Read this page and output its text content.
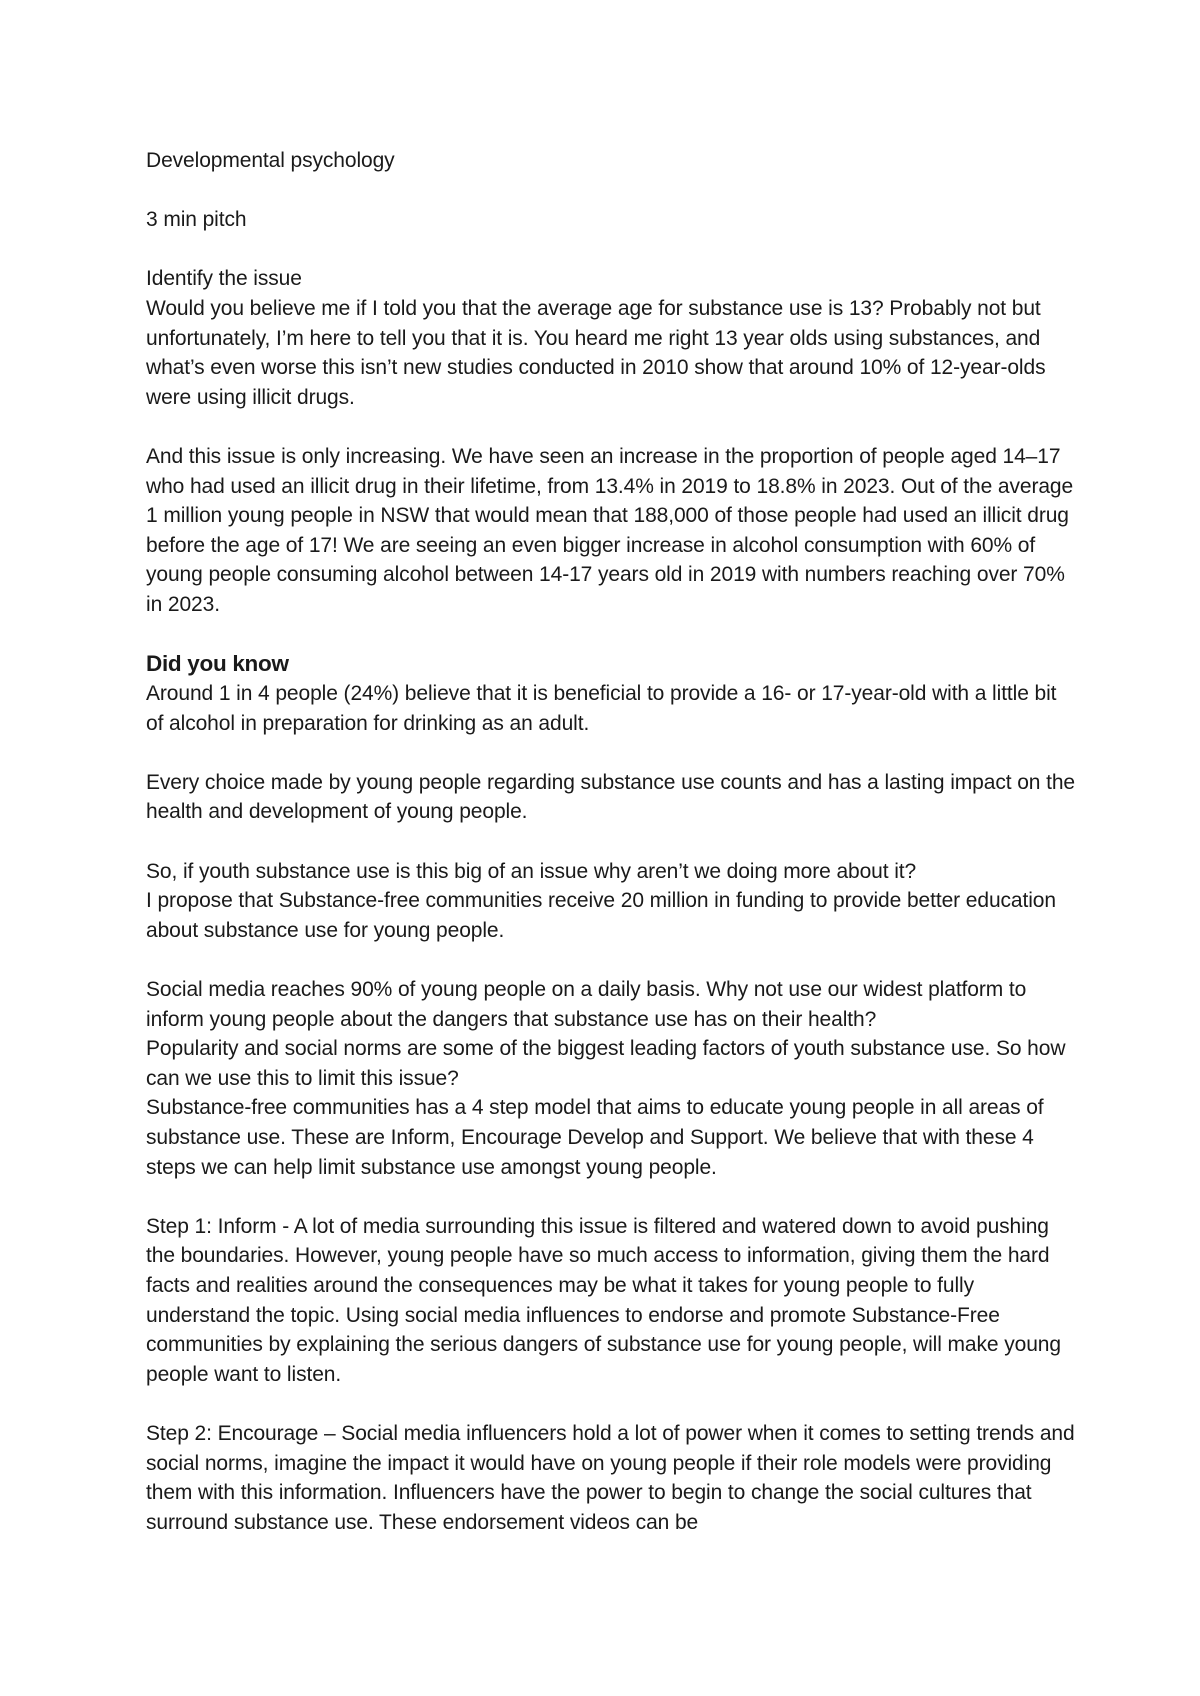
Developmental psychology

3 min pitch

Identify the issue

Would you believe me if I told you that the average age for substance use is 13? Probably not but unfortunately, I’m here to tell you that it is. You heard me right 13 year olds using substances, and what’s even worse this isn’t new studies conducted in 2010 show that around 10% of 12-year-olds were using illicit drugs.

And this issue is only increasing. We have seen an increase in the proportion of people aged 14–17 who had used an illicit drug in their lifetime, from 13.4% in 2019 to 18.8% in 2023. Out of the average 1 million young people in NSW that would mean that 188,000 of those people had used an illicit drug before the age of 17! We are seeing an even bigger increase in alcohol consumption with 60% of young people consuming alcohol between 14-17 years old in 2019 with numbers reaching over 70% in 2023.

Did you know

Around 1 in 4 people (24%) believe that it is beneficial to provide a 16- or 17-year-old with a little bit of alcohol in preparation for drinking as an adult.

Every choice made by young people regarding substance use counts and has a lasting impact on the health and development of young people.

So, if youth substance use is this big of an issue why aren’t we doing more about it?

I propose that Substance-free communities receive 20 million in funding to provide better education about substance use for young people.

Social media reaches 90% of young people on a daily basis. Why not use our widest platform to inform young people about the dangers that substance use has on their health?

Popularity and social norms are some of the biggest leading factors of youth substance use. So how can we use this to limit this issue?

Substance-free communities has a 4 step model that aims to educate young people in all areas of substance use. These are Inform, Encourage Develop and Support. We believe that with these 4 steps we can help limit substance use amongst young people.

Step 1: Inform - A lot of media surrounding this issue is filtered and watered down to avoid pushing the boundaries. However, young people have so much access to information, giving them the hard facts and realities around the consequences may be what it takes for young people to fully understand the topic. Using social media influences to endorse and promote Substance-Free communities by explaining the serious dangers of substance use for young people, will make young people want to listen.

Step 2: Encourage – Social media influencers hold a lot of power when it comes to setting trends and social norms, imagine the impact it would have on young people if their role models were providing them with this information. Influencers have the power to begin to change the social cultures that surround substance use. These endorsement videos can be
